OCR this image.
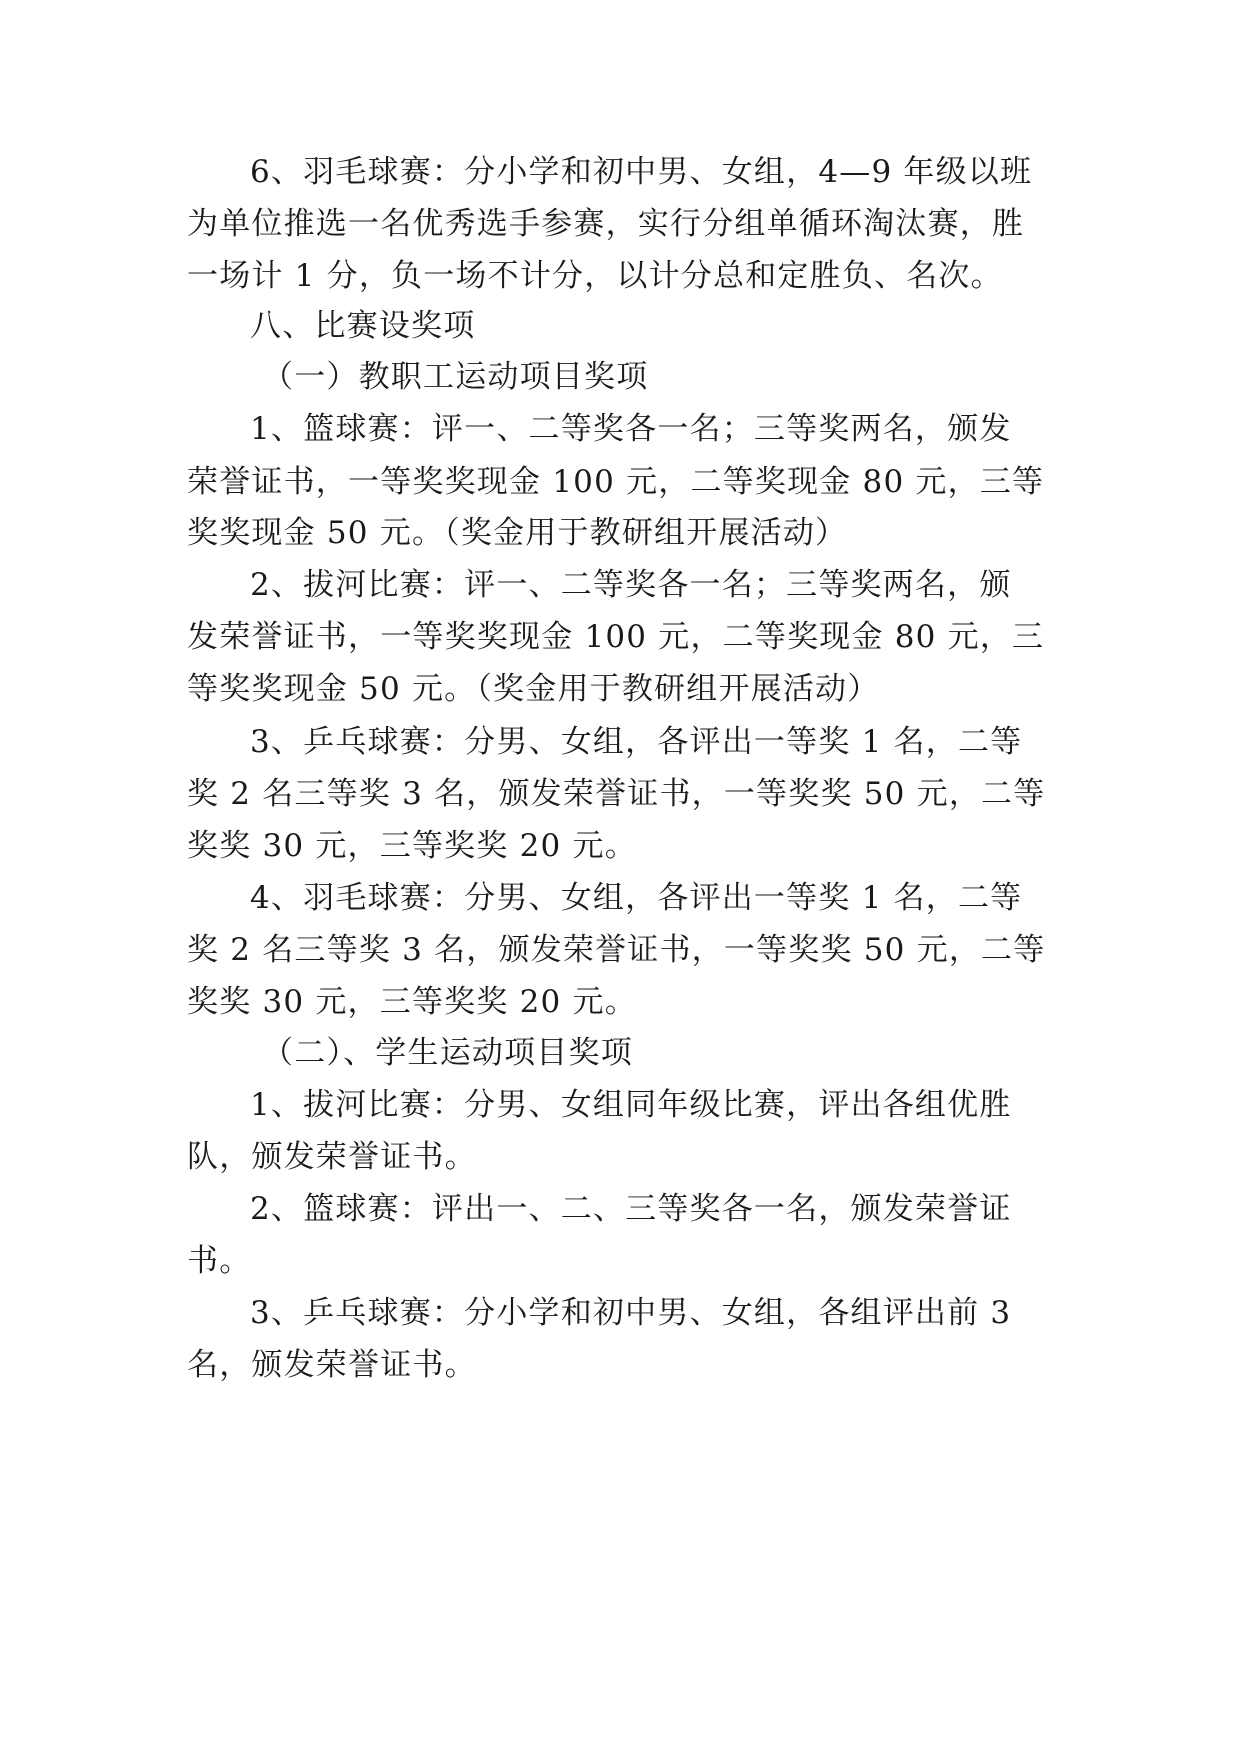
6、羽毛球赛：分小学和初中男、女组，4—9 年级以班
为单位推选一名优秀选手参赛，实行分组单循环淘汰赛，胜
一场计 1 分，负一场不计分，以计分总和定胜负、名次。
八、比赛设奖项
（一）教职工运动项目奖项
1、篮球赛：评一、二等奖各一名；三等奖两名，颁发
荣誉证书，一等奖奖现金 100 元，二等奖现金 80 元，三等
奖奖现金 50 元。（奖金用于教研组开展活动）
2、拔河比赛：评一、二等奖各一名；三等奖两名，颁
发荣誉证书，一等奖奖现金 100 元，二等奖现金 80 元，三
等奖奖现金 50 元。（奖金用于教研组开展活动）
3、乒乓球赛：分男、女组，各评出一等奖 1 名，二等
奖 2 名三等奖 3 名，颁发荣誉证书，一等奖奖 50 元，二等
奖奖 30 元，三等奖奖 20 元。
4、羽毛球赛：分男、女组，各评出一等奖 1 名，二等
奖 2 名三等奖 3 名，颁发荣誉证书，一等奖奖 50 元，二等
奖奖 30 元，三等奖奖 20 元。
（二）、学生运动项目奖项
1、拔河比赛：分男、女组同年级比赛，评出各组优胜
队，颁发荣誉证书。
2、篮球赛：评出一、二、三等奖各一名，颁发荣誉证
书。
3、乒乓球赛：分小学和初中男、女组，各组评出前 3
名，颁发荣誉证书。
